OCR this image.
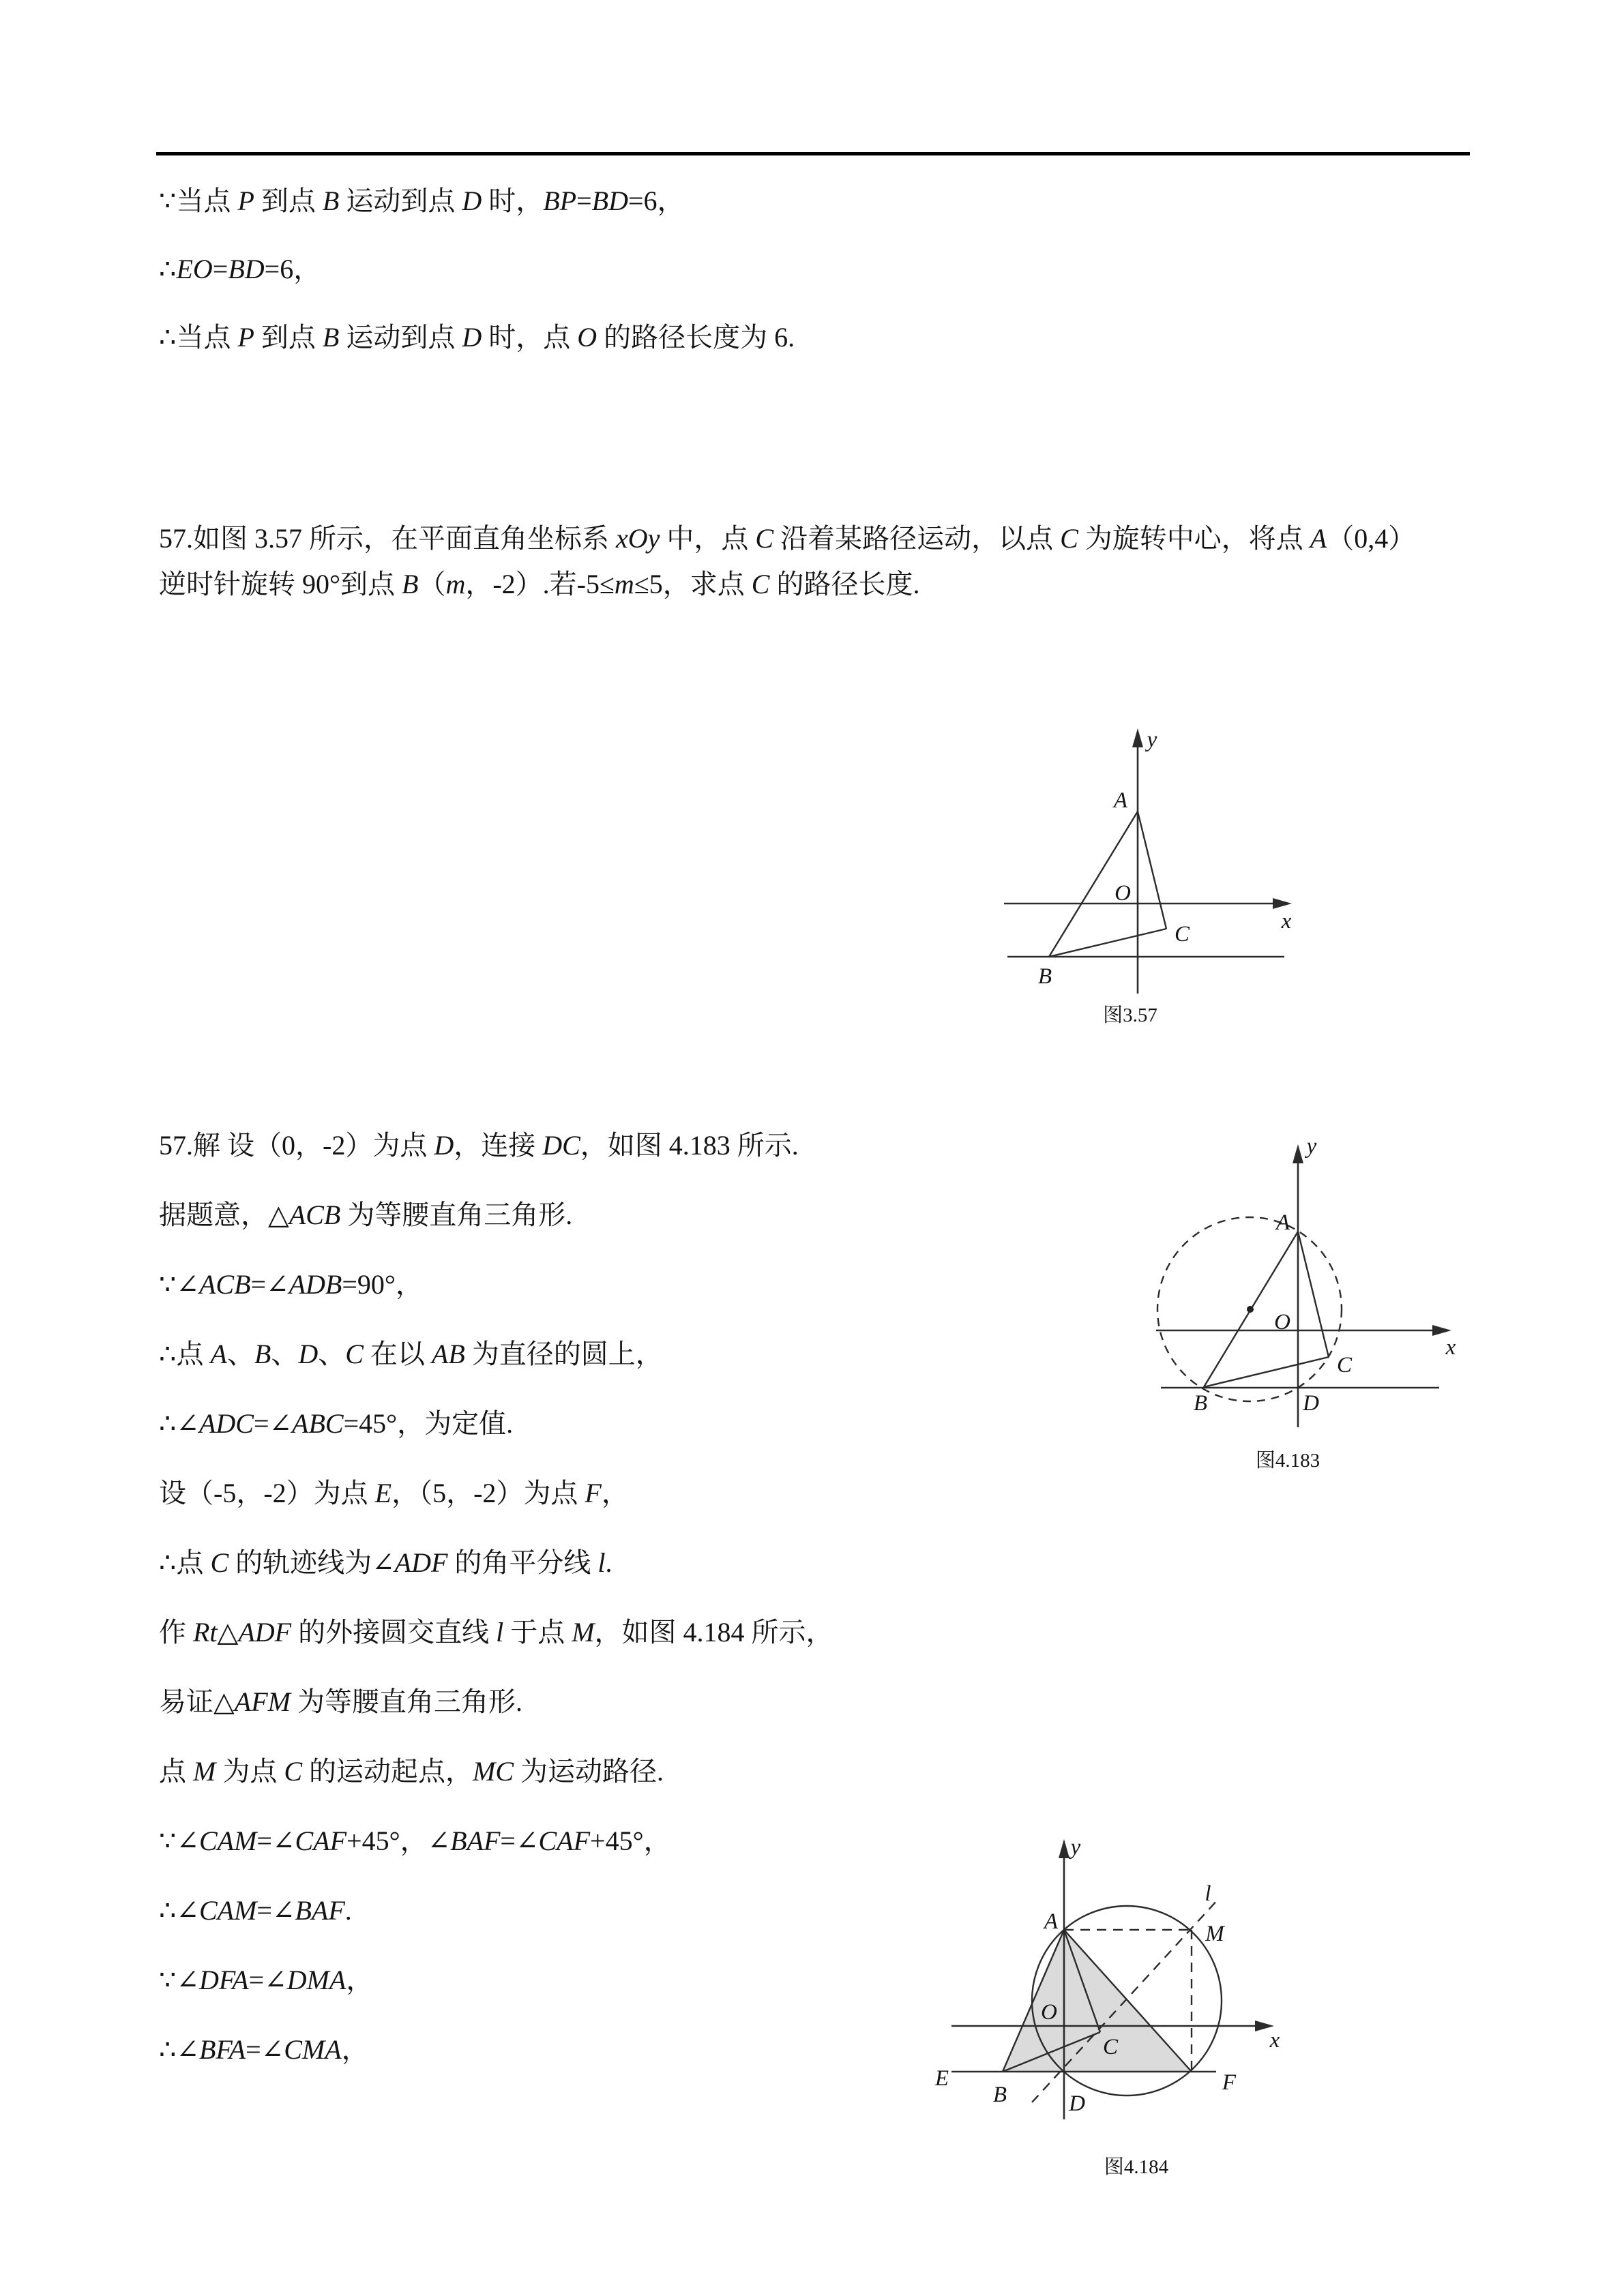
∵当点 P 到点 B 运动到点 D 时，BP=BD=6，
∴EO=BD=6，
∴当点 P 到点 B 运动到点 D 时，点 O 的路径长度为 6.
57.如图 3.57 所示，在平面直角坐标系 xOy 中，点 C 沿着某路径运动，以点 C 为旋转中心，将点 A（0,4）
逆时针旋转 90°到点 B（m，-2）.若-5≤m≤5，求点 C 的路径长度.
57.解 设（0，-2）为点 D，连接 DC，如图 4.183 所示.
据题意，△ACB 为等腰直角三角形.
∵∠ACB=∠ADB=90°，
∴点 A、B、D、C 在以 AB 为直径的圆上，
∴∠ADC=∠ABC=45°，为定值.
设（-5，-2）为点 E，（5，-2）为点 F，
∴点 C 的轨迹线为∠ADF 的角平分线 l.
作 Rt△ADF 的外接圆交直线 l 于点 M，如图 4.184 所示，
易证△AFM 为等腰直角三角形.
点 M 为点 C 的运动起点，MC 为运动路径.
∵∠CAM=∠CAF+45°，∠BAF=∠CAF+45°，
∴∠CAM=∠BAF.
∵∠DFA=∠DMA，
∴∠BFA=∠CMA，
y
x
A
O
B
C
图3.57
y
x
A
O
B
C
D
图4.183
y
x
l
A	M
O
C
E
B	D
F
图4.184
